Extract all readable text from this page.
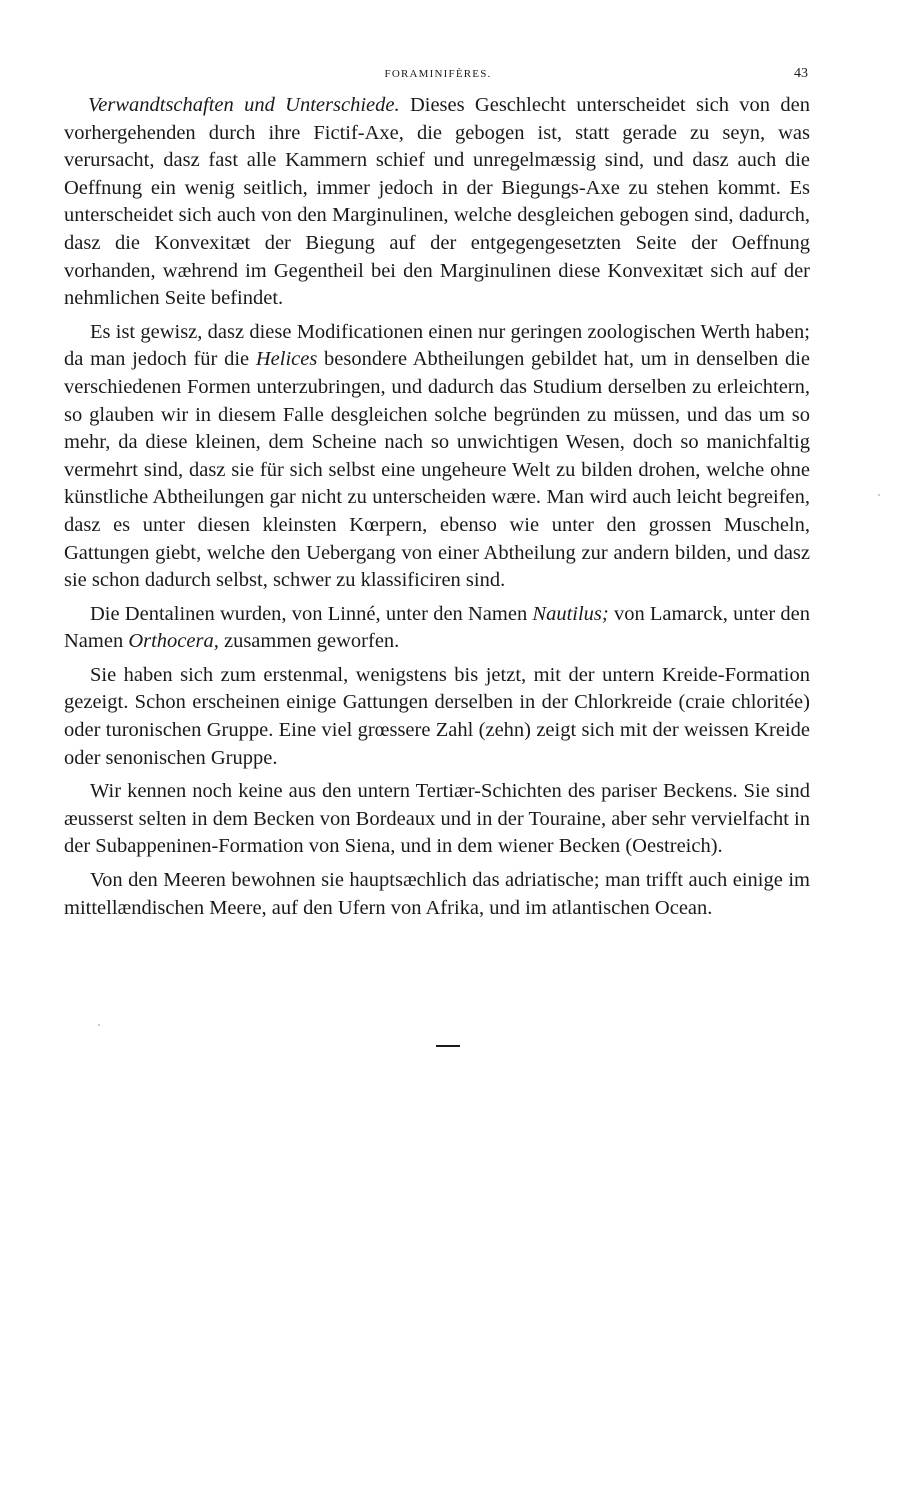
FORAMINIFÈRES.	43

Verwandtschaften und Unterschiede. Dieses Geschlecht unterscheidet sich von den vorhergehenden durch ihre Fictif-Axe, die gebogen ist, statt gerade zu seyn, was verursacht, dasz fast alle Kammern schief und unregelmæssig sind, und dasz auch die Oeffnung ein wenig seitlich, immer jedoch in der Biegungs-Axe zu stehen kommt. Es unterscheidet sich auch von den Marginulinen, welche desgleichen gebogen sind, dadurch, dasz die Konvexitæt der Biegung auf der entgegengesetzten Seite der Oeffnung vorhanden, wæhrend im Gegentheil bei den Marginulinen diese Konvexitæt sich auf der nehmlichen Seite befindet.

Es ist gewisz, dasz diese Modificationen einen nur geringen zoologischen Werth haben; da man jedoch für die Helices besondere Abtheilungen gebildet hat, um in denselben die verschiedenen Formen unterzubringen, und dadurch das Studium derselben zu erleichtern, so glauben wir in diesem Falle desgleichen solche begründen zu müssen, und das um so mehr, da diese kleinen, dem Scheine nach so unwichtigen Wesen, doch so manichfaltig vermehrt sind, dasz sie für sich selbst eine ungeheure Welt zu bilden drohen, welche ohne künstliche Abtheilungen gar nicht zu unterscheiden wære. Man wird auch leicht begreifen, dasz es unter diesen kleinsten Kœrpern, ebenso wie unter den grossen Muscheln, Gattungen giebt, welche den Uebergang von einer Abtheilung zur andern bilden, und dasz sie schon dadurch selbst, schwer zu klassificiren sind.

Die Dentalinen wurden, von Linné, unter den Namen Nautilus; von Lamarck, unter den Namen Orthocera, zusammen geworfen.

Sie haben sich zum erstenmal, wenigstens bis jetzt, mit der untern Kreide-Formation gezeigt. Schon erscheinen einige Gattungen derselben in der Chlorkreide (craie chloritée) oder turonischen Gruppe. Eine viel grœssere Zahl (zehn) zeigt sich mit der weissen Kreide oder senonischen Gruppe.

Wir kennen noch keine aus den untern Tertiær-Schichten des pariser Beckens. Sie sind æusserst selten in dem Becken von Bordeaux und in der Touraine, aber sehr vervielfacht in der Subappeninen-Formation von Siena, und in dem wiener Becken (Oestreich).

Von den Meeren bewohnen sie hauptsæchlich das adriatische; man trifft auch einige im mittellændischen Meere, auf den Ufern von Afrika, und im atlantischen Ocean.
